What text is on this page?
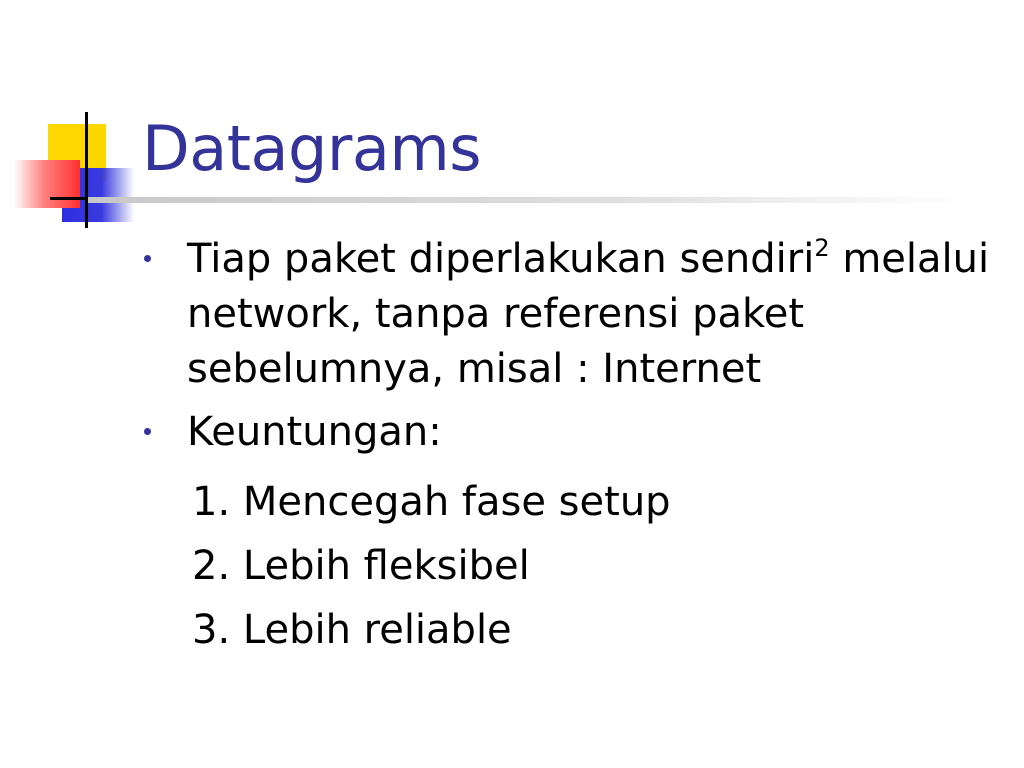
Datagrams
Tiap paket diperlakukan sendiri$^2$ melalui network, tanpa referensi paket sebelumnya, misal : Internet
Keuntungan:
1. Mencegah fase setup
2. Lebih fleksibel
3. Lebih reliable
